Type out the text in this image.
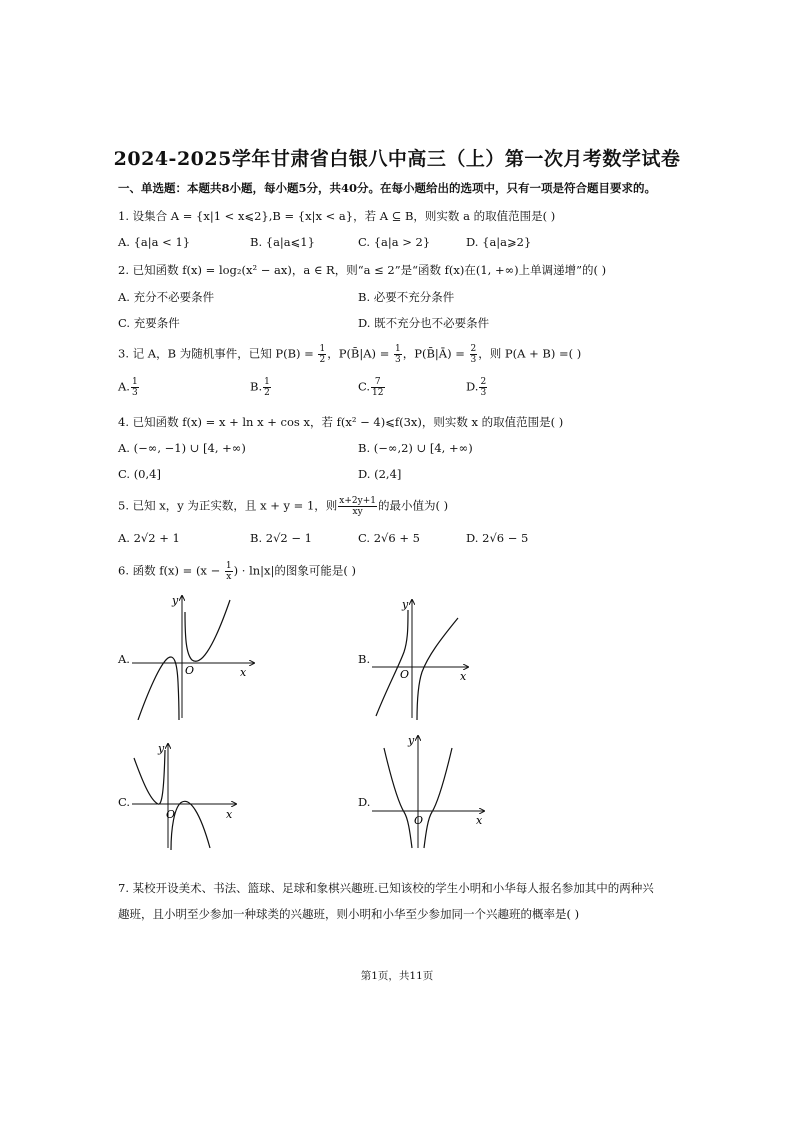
2024-2025学年甘肃省白银八中高三（上）第一次月考数学试卷
一、单选题：本题共8小题，每小题5分，共40分。在每小题给出的选项中，只有一项是符合题目要求的。
1. 设集合 A = {x|1 < x⩽2},B = {x|x < a}，若 A ⊆ B，则实数 a 的取值范围是( )
A. {a|a < 1}	B. {a|a⩽1}	C. {a|a > 2}	D. {a|a⩾2}
2. 已知函数 f(x) = log₂(x² − ax)，a ∈ R，则“a ≤ 2”是“函数 f(x)在(1, +∞)上单调递增”的( )
A. 充分不必要条件	B. 必要不充分条件
C. 充要条件	D. 既不充分也不必要条件
3. 记 A，B 为随机事件，已知 $P(B) = \frac{1}{2}$ ，P(B̄|A) = $\frac{1}{3}$ ，P(B̄|Ā) = $\frac{2}{3}$ ，则 P(A + B) =( )
A. $\frac{1}{3}$	B. $\frac{1}{2}$	C. $\frac{7}{12}$	D. $\frac{2}{3}$
4. 已知函数 f(x) = x + ln x + cos x，若 f(x² − 4)⩽f(3x)，则实数 x 的取值范围是( )
A. (−∞, −1) ∪ [4, +∞)	B. (−∞,2) ∪ [4, +∞)
C. (0,4]	D. (2,4]
5. 已知 x，y 为正实数，且 x + y = 1，则 $\frac{x+2y+1}{xy}$ 的最小值为( )
A. 2√2 + 1	B. 2√2 − 1	C. 2√6 + 5	D. 2√6 − 5
6. 函数 $f(x) = (x - \frac{1}{x}$ ) · ln|x|的图象可能是( )
A.
x
y
O
B.
x
y
O
C.
x
y
O
D.
x
y
O
7. 某校开设美术、书法、篮球、足球和象棋兴趣班.已知该校的学生小明和小华每人报名参加其中的两种兴
趣班，且小明至少参加一种球类的兴趣班，则小明和小华至少参加同一个兴趣班的概率是( )
第1页，共11页
